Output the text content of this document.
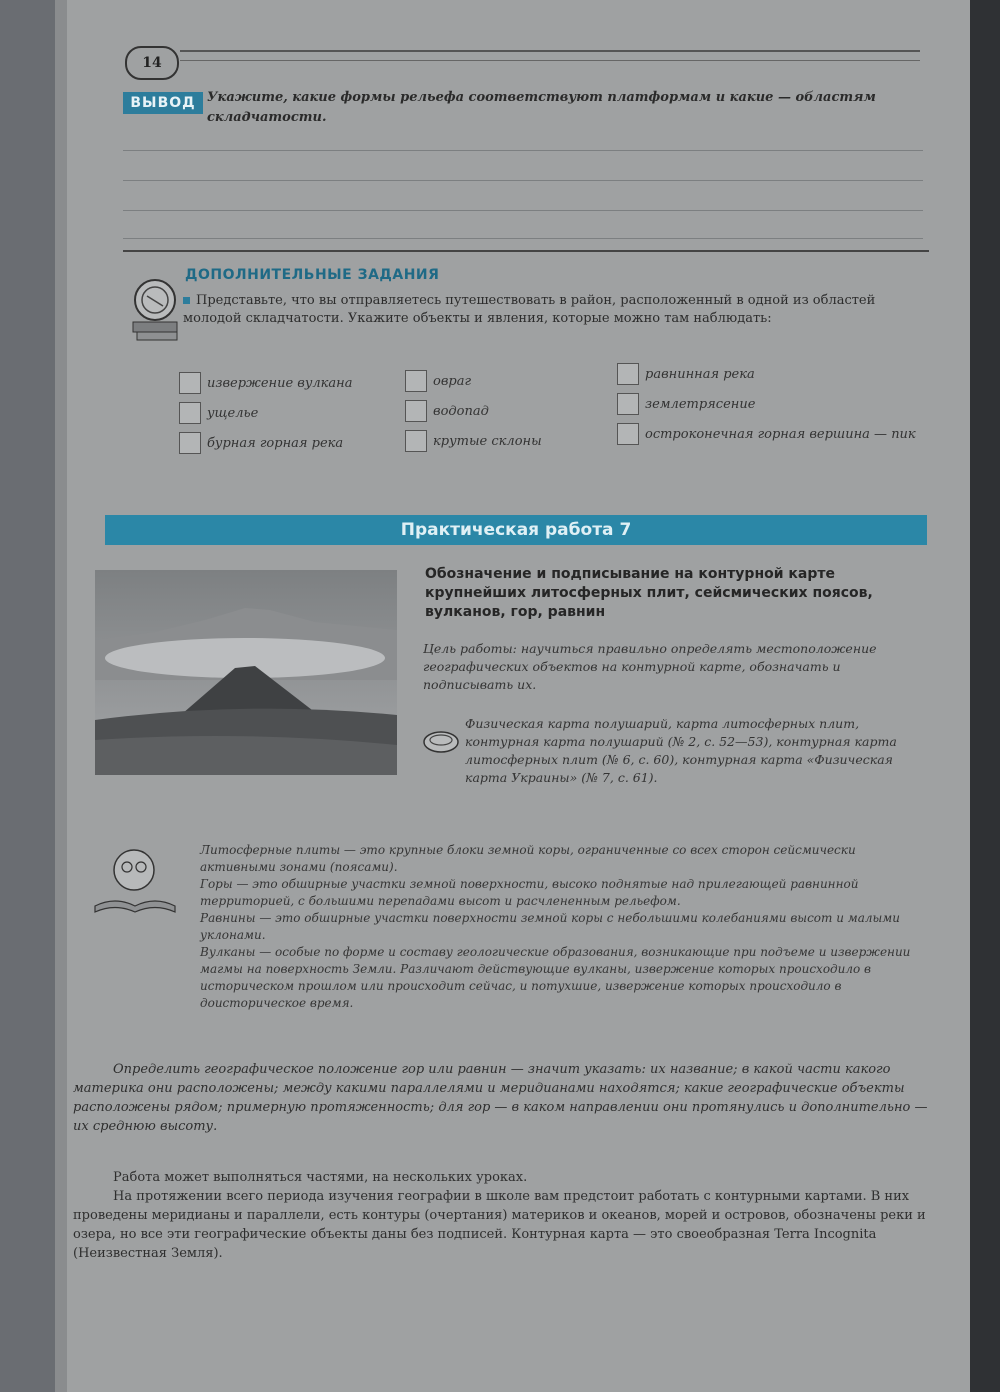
14
ВЫВОД Укажите, какие формы рельефа соответствуют платформам и какие — областям складчатости.
ДОПОЛНИТЕЛЬНЫЕ ЗАДАНИЯ
Представьте, что вы отправляетесь путешествовать в район, расположенный в одной из областей молодой складчатости. Укажите объекты и явления, которые можно там наблюдать:
извержение вулкана
ущелье
бурная горная река
овраг
водопад
крутые склоны
равнинная река
землетрясение
остроконечная горная вершина — пик
Практическая работа 7
Обозначение и подписывание на контурной карте крупнейших литосферных плит, сейсмических поясов, вулканов, гор, равнин
Цель работы: научиться правильно определять местоположение географических объектов на контурной карте, обозначать и подписывать их.
Физическая карта полушарий, карта литосферных плит, контурная карта полушарий (№ 2, с. 52—53), контурная карта литосферных плит (№ 6, с. 60), контурная карта «Физическая карта Украины» (№ 7, с. 61).

Литосферные плиты — это крупные блоки земной коры, ограниченные со всех сторон сейсмически активными зонами (поясами).

Горы — это обширные участки земной поверхности, высоко поднятые над прилегающей равнинной территорией, с большими перепадами высот и расчлененным рельефом.

Равнины — это обширные участки поверхности земной коры с небольшими колебаниями высот и малыми уклонами.

Вулканы — особые по форме и составу геологические образования, возникающие при подъеме и извержении магмы на поверхность Земли. Различают действующие вулканы, извержение которых происходило в историческом прошлом или происходит сейчас, и потухшие, извержение которых происходило в доисторическое время.

Определить географическое положение гор или равнин — значит указать: их название; в какой части какого материка они расположены; между какими параллелями и меридианами находятся; какие географические объекты расположены рядом; примерную протяженность; для гор — в каком направлении они протянулись и дополнительно — их среднюю высоту.

Работа может выполняться частями, на нескольких уроках.

На протяжении всего периода изучения географии в школе вам предстоит работать с контурными картами. В них проведены меридианы и параллели, есть контуры (очертания) материков и океанов, морей и островов, обозначены реки и озера, но все эти географические объекты даны без подписей. Контурная карта — это своеобразная Terra Incognita (Неизвестная Земля).
